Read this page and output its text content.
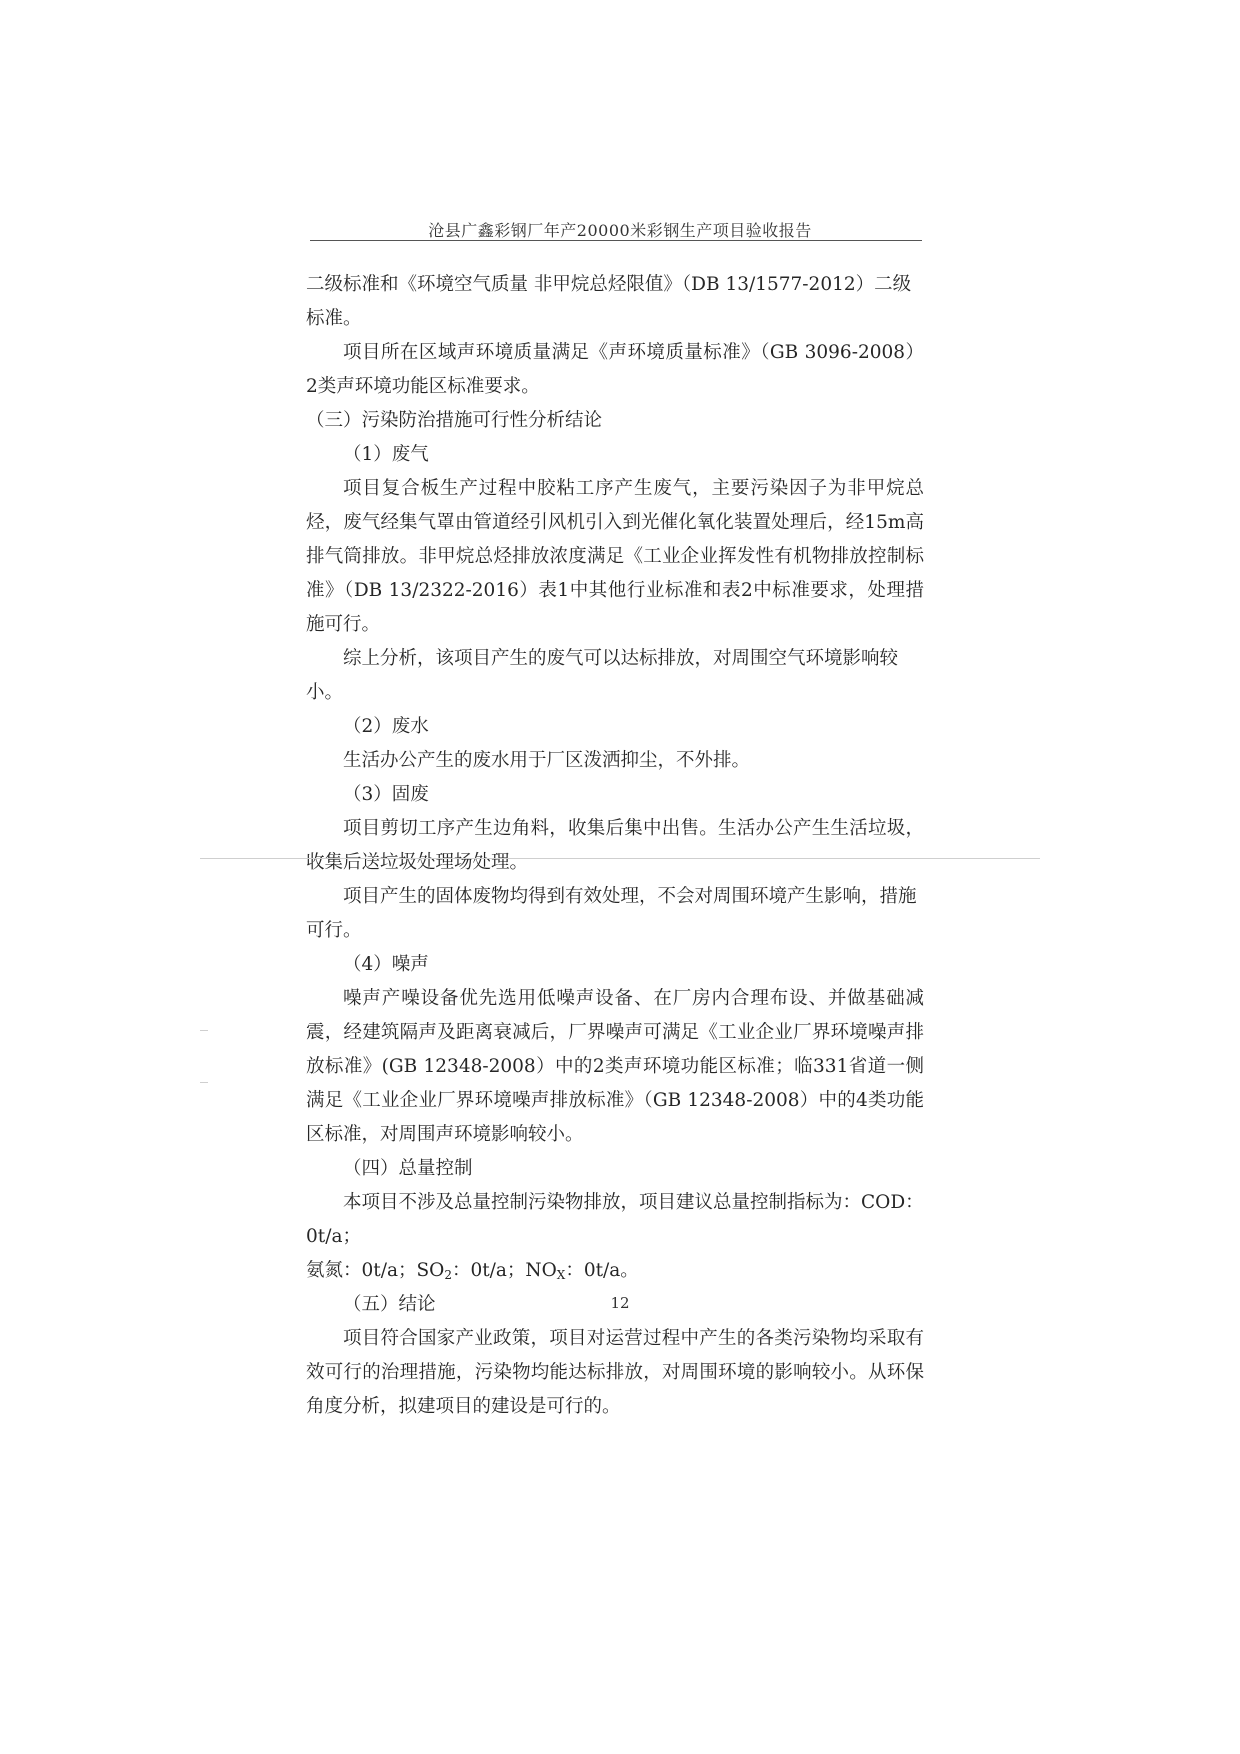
沧县广鑫彩钢厂年产20000米彩钢生产项目验收报告

二级标准和《环境空气质量 非甲烷总烃限值》（DB 13/1577-2012）二级标准。

项目所在区域声环境质量满足《声环境质量标准》（GB 3096-2008）2类声环境功能区标准要求。

（三）污染防治措施可行性分析结论

（1）废气

项目复合板生产过程中胶粘工序产生废气，主要污染因子为非甲烷总烃，废气经集气罩由管道经引风机引入到光催化氧化装置处理后，经15m高排气筒排放。非甲烷总烃排放浓度满足《工业企业挥发性有机物排放控制标准》（DB 13/2322-2016）表1中其他行业标准和表2中标准要求，处理措施可行。

综上分析，该项目产生的废气可以达标排放，对周围空气环境影响较小。

（2）废水

生活办公产生的废水用于厂区泼洒抑尘，不外排。

（3）固废

项目剪切工序产生边角料，收集后集中出售。生活办公产生生活垃圾，收集后送垃圾处理场处理。

项目产生的固体废物均得到有效处理，不会对周围环境产生影响，措施可行。

（4）噪声

噪声产噪设备优先选用低噪声设备、在厂房内合理布设、并做基础减震，经建筑隔声及距离衰减后，厂界噪声可满足《工业企业厂界环境噪声排放标准》(GB 12348-2008）中的2类声环境功能区标准；临331省道一侧满足《工业企业厂界环境噪声排放标准》（GB 12348-2008）中的4类功能区标准，对周围声环境影响较小。

（四）总量控制

本项目不涉及总量控制污染物排放，项目建议总量控制指标为：COD：0t/a；

氨氮：0t/a；$SO_2$：0t/a；$NO_X$：0t/a。

（五）结论

项目符合国家产业政策，项目对运营过程中产生的各类污染物均采取有效可行的治理措施，污染物均能达标排放，对周围环境的影响较小。从环保角度分析，拟建项目的建设是可行的。

12
